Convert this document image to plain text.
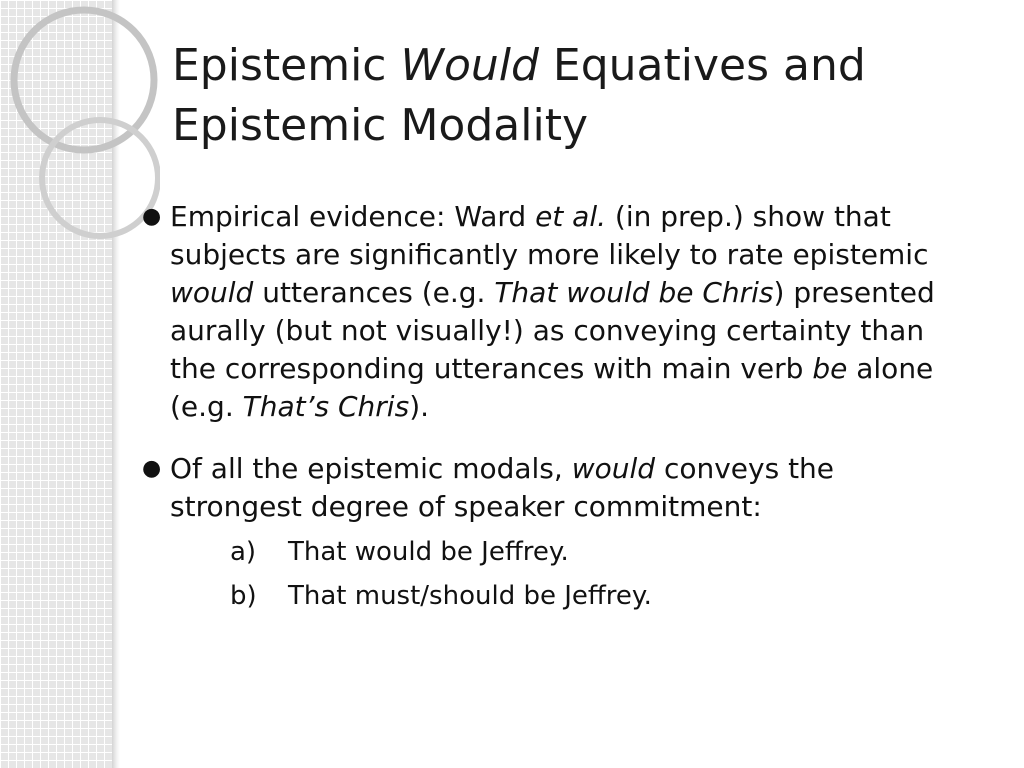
Epistemic Would Equatives and
Epistemic Modality
● Empirical evidence: Ward et al. (in prep.) show that subjects are significantly more likely to rate epistemic would utterances (e.g. That would be Chris) presented aurally (but not visually!) as conveying certainty than the corresponding utterances with main verb be alone (e.g. That’s Chris).
● Of all the epistemic modals, would conveys the strongest degree of speaker commitment:
a) That would be Jeffrey.
b) That must/should be Jeffrey.
